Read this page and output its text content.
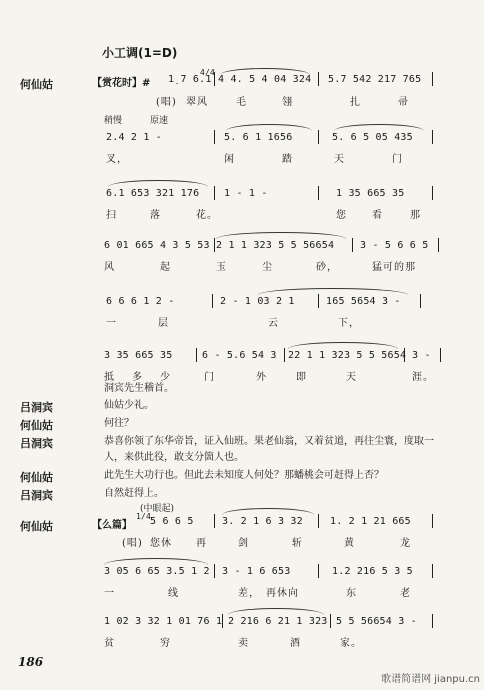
小工调(1=D)
何仙姑	【赏花时】# 1̣ 7 6.1
4/4
4 4. 5 4 04 324 5.7 542 217 765
(唱) 翠风	毛	翎	扎	帚
稍慢	原速
2.4 2 1 -	5. 6 1 1656	5. 6 5 05 435
叉，	闲	踏	天	门
6.1 653 321 176 1 - 1 -	1 35 665 35
扫	落	花。	您	看	那
6 01 665 4 3 5 53 2 1 1 323 5 5 56654	3 - 5 6 6 5
风	起	玉	尘	砂，	猛可的那
6 6 6 1 2 -	2 - 1 03 2 1	165 5654 3 -
一	层	云	下，
3 35 665 35	6 - 5.6 54 3 22 1 1 323 5 5 5654 3 -
抵 多 少	门	外	即	天	涯。
洞宾先生稽首。
吕洞宾	仙姑少礼。
何仙姑	何往？
吕洞宾	恭喜你领了东华帝旨，证入仙班。果老仙翁，又着贫道，再往尘寰，度取一人，来供此役，敢支分箇人也。
何仙姑	此先生大功行也。但此去未知度人何处？那蟠桃会可赶得上否？
吕洞宾	自然赶得上。
(中眼起)
何仙姑	【么篇】
1/4
5 6 6 5	3. 2 1 6 3 32	1. 2 1 21 665
(唱) 您休 再	剑	斩	黄	龙
3 05 6 65 3.5 1 2 3 - 1 6 653	1.2 216 5 3 5
一	线	差， 再休向	东	老
1 02 3 32 1 01 76 1 2 216 6 21 1 323 5 5 56654 3 -
贫	穷	卖	酒	家。
186
歌谱简谱网 jianpu.cn
